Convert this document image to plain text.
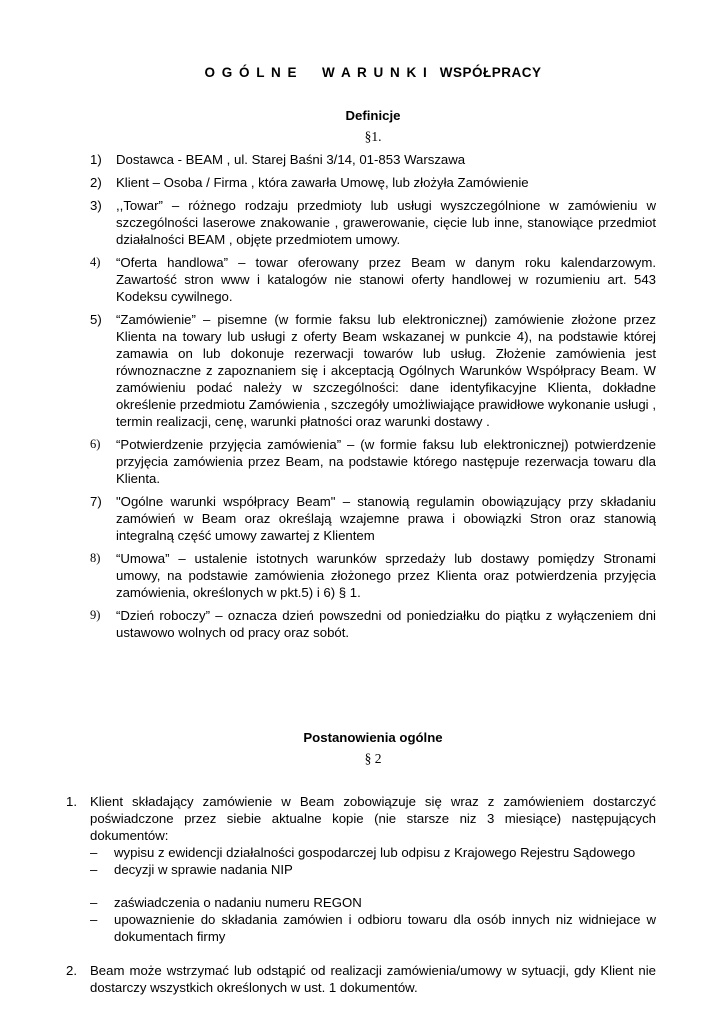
O G Ó L N E    W A R U N K I  WSPÓŁPRACY
Definicje
§1.
1)	Dostawca - BEAM , ul. Starej Baśni 3/14, 01-853 Warszawa
2)	Klient – Osoba / Firma , która zawarła Umowę, lub złożyła Zamówienie
3)	,,Towar” – różnego rodzaju przedmioty lub usługi wyszczególnione w zamówieniu w szczególności laserowe znakowanie , grawerowanie, cięcie lub inne, stanowiące przedmiot działalności BEAM , objęte przedmiotem umowy.
4)	“Oferta handlowa” – towar oferowany przez Beam w danym roku kalendarzowym. Zawartość stron www i katalogów nie stanowi oferty handlowej w rozumieniu art. 543 Kodeksu cywilnego.
5)	“Zamówienie” – pisemne (w formie faksu lub elektronicznej) zamówienie złożone przez Klienta na towary lub usługi z oferty Beam wskazanej w punkcie 4), na podstawie której zamawia on lub dokonuje rezerwacji towarów lub usług. Złożenie zamówienia jest równoznaczne z zapoznaniem się i akceptacją Ogólnych Warunków Współpracy Beam. W zamówieniu podać należy w szczególności: dane identyfikacyjne Klienta, dokładne określenie przedmiotu Zamówienia , szczegóły umożliwiające prawidłowe wykonanie usługi , termin realizacji, cenę, warunki płatności oraz warunki dostawy .
6)	“Potwierdzenie przyjęcia zamówienia” – (w formie faksu lub elektronicznej) potwierdzenie przyjęcia zamówienia przez Beam, na podstawie którego następuje rezerwacja towaru dla Klienta.
7)	"Ogólne warunki współpracy Beam" – stanowią regulamin obowiązujący przy składaniu zamówień w Beam oraz określają wzajemne prawa i obowiązki Stron oraz stanowią integralną część umowy zawartej z Klientem
8)	“Umowa” – ustalenie istotnych warunków sprzedaży lub dostawy pomiędzy Stronami umowy, na podstawie zamówienia złożonego przez Klienta oraz potwierdzenia przyjęcia zamówienia, określonych w pkt.5) i 6) § 1.
9)	“Dzień roboczy” – oznacza dzień powszedni od poniedziałku do piątku z wyłączeniem dni ustawowo wolnych od pracy oraz sobót.
Postanowienia ogólne
§ 2
1. Klient składający zamówienie w Beam zobowiązuje się wraz z zamówieniem dostarczyć poświadczone przez siebie aktualne kopie (nie starsze niz 3 miesiące) następujących dokumentów:
– wypisu z ewidencji działalności gospodarczej lub odpisu z Krajowego Rejestru Sądowego
– decyzji w sprawie nadania NIP
– zaświadczenia o nadaniu numeru REGON
– upowaznienie do składania zamówien i odbioru towaru dla osób innych niz widniejace w dokumentach firmy
2. Beam może wstrzymać lub odstąpić od realizacji zamówienia/umowy w sytuacji, gdy Klient nie dostarczy wszystkich określonych w ust. 1 dokumentów.
